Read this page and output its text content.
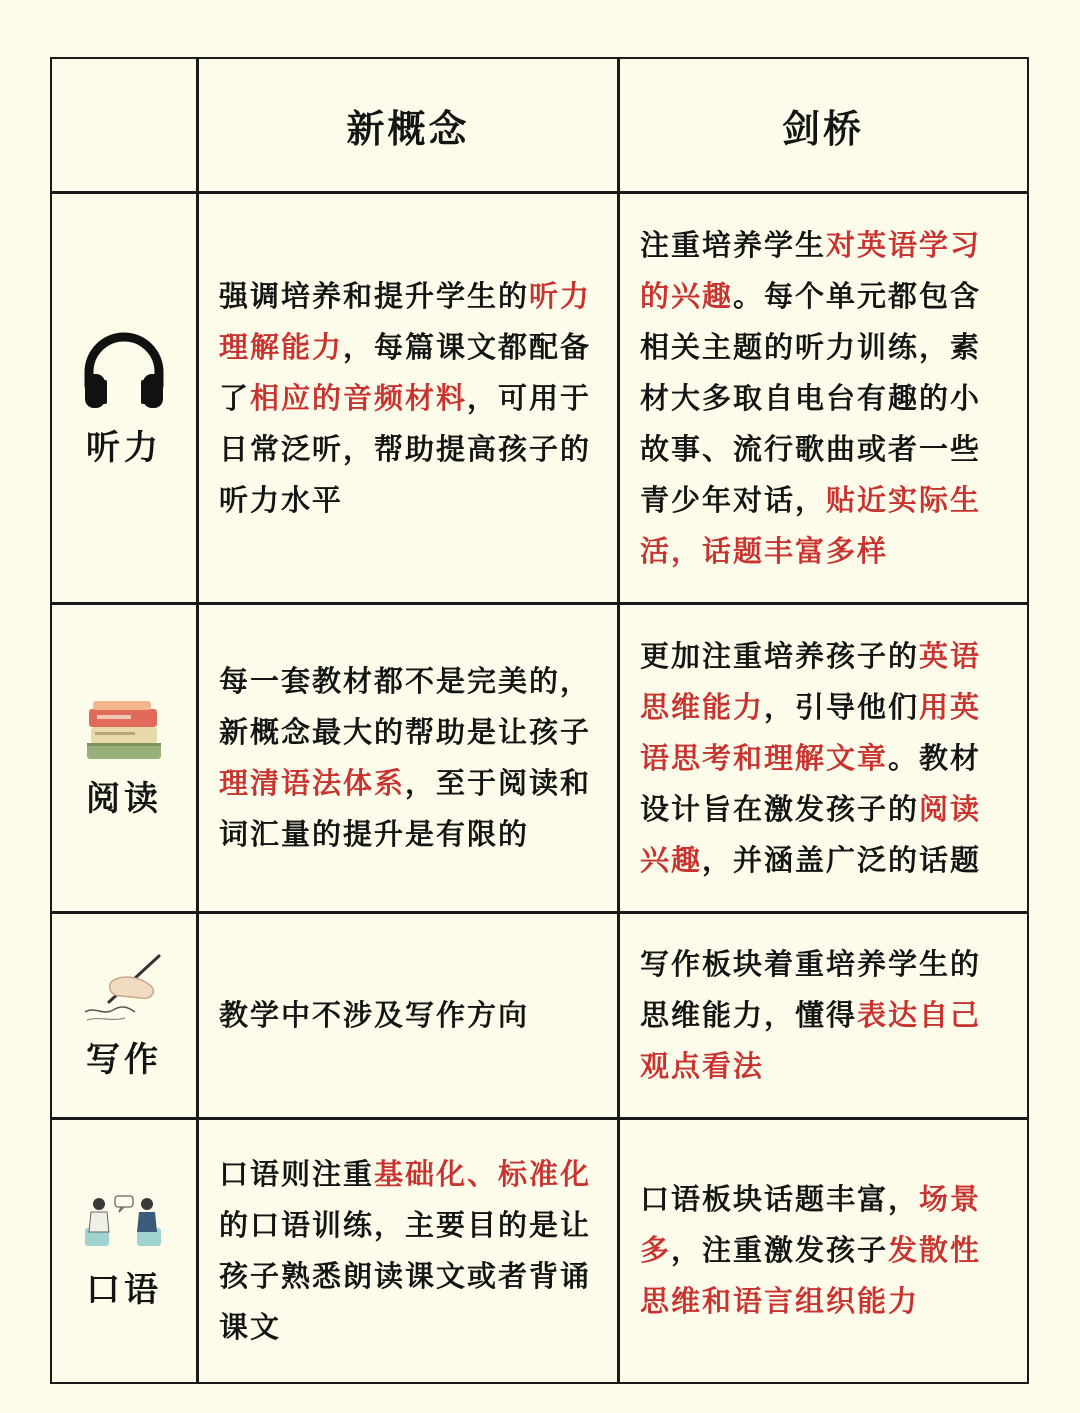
新概念	剑桥
听力
强调培养和提升学生的听力理解能力，每篇课文都配备了相应的音频材料，可用于日常泛听，帮助提高孩子的听力水平
注重培养学生对英语学习的兴趣。每个单元都包含相关主题的听力训练，素材大多取自电台有趣的小故事、流行歌曲或者一些青少年对话，贴近实际生活，话题丰富多样
阅读
每一套教材都不是完美的，新概念最大的帮助是让孩子理清语法体系，至于阅读和词汇量的提升是有限的
更加注重培养孩子的英语思维能力，引导他们用英语思考和理解文章。教材设计旨在激发孩子的阅读兴趣，并涵盖广泛的话题
写作
教学中不涉及写作方向
写作板块着重培养学生的思维能力，懂得表达自己观点看法
口语
口语则注重基础化、标准化的口语训练，主要目的是让孩子熟悉朗读课文或者背诵课文
口语板块话题丰富，场景多，注重激发孩子发散性思维和语言组织能力
